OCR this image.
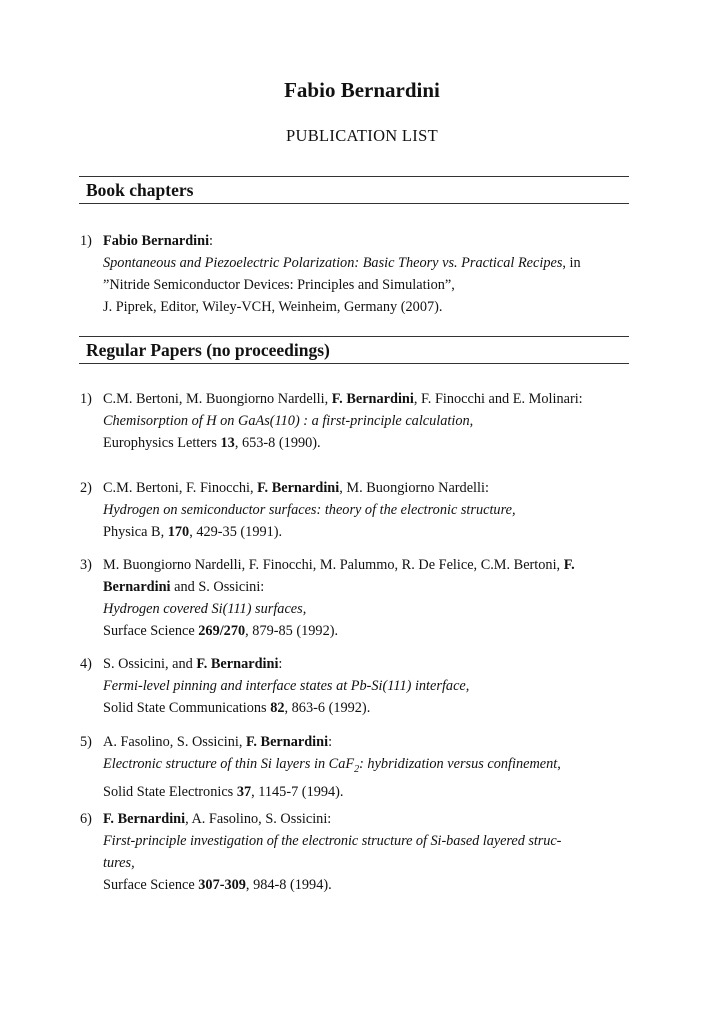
Fabio Bernardini
PUBLICATION LIST
Book chapters
1) Fabio Bernardini:
Spontaneous and Piezoelectric Polarization: Basic Theory vs. Practical Recipes, in
”Nitride Semiconductor Devices: Principles and Simulation”,
J. Piprek, Editor, Wiley-VCH, Weinheim, Germany (2007).
Regular Papers (no proceedings)
1) C.M. Bertoni, M. Buongiorno Nardelli, F. Bernardini, F. Finocchi and E. Molinari:
Chemisorption of H on GaAs(110) : a first-principle calculation,
Europhysics Letters 13, 653-8 (1990).
2) C.M. Bertoni, F. Finocchi, F. Bernardini, M. Buongiorno Nardelli:
Hydrogen on semiconductor surfaces: theory of the electronic structure,
Physica B, 170, 429-35 (1991).
3) M. Buongiorno Nardelli, F. Finocchi, M. Palummo, R. De Felice, C.M. Bertoni, F.
Bernardini and S. Ossicini:
Hydrogen covered Si(111) surfaces,
Surface Science 269/270, 879-85 (1992).
4) S. Ossicini, and F. Bernardini:
Fermi-level pinning and interface states at Pb-Si(111) interface,
Solid State Communications 82, 863-6 (1992).
5) A. Fasolino, S. Ossicini, F. Bernardini:
Electronic structure of thin Si layers in CaF$_2$: hybridization versus confinement,
Solid State Electronics 37, 1145-7 (1994).
6) F. Bernardini, A. Fasolino, S. Ossicini:
First-principle investigation of the electronic structure of Si-based layered struc-
tures,
Surface Science 307-309, 984-8 (1994).
